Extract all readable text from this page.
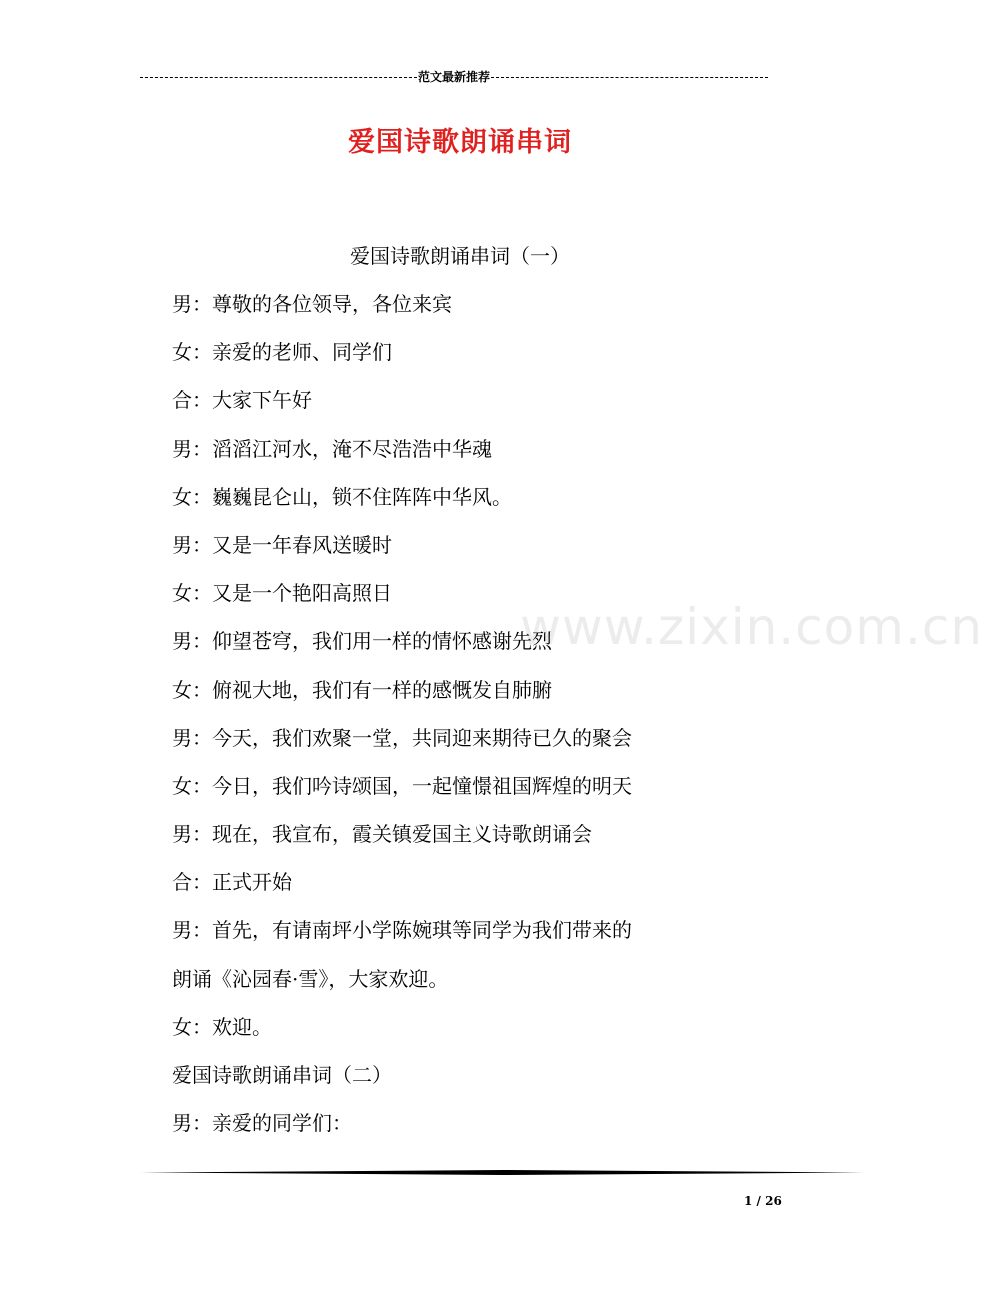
范文最新推荐
爱国诗歌朗诵串词
爱国诗歌朗诵串词（一）
男：尊敬的各位领导，各位来宾
女：亲爱的老师、同学们
合：大家下午好
男：滔滔江河水，淹不尽浩浩中华魂
女：巍巍昆仑山，锁不住阵阵中华风。
男：又是一年春风送暖时
女：又是一个艳阳高照日
男：仰望苍穹，我们用一样的情怀感谢先烈
女：俯视大地，我们有一样的感慨发自肺腑
男：今天，我们欢聚一堂，共同迎来期待已久的聚会
女：今日，我们吟诗颂国，一起憧憬祖国辉煌的明天
男：现在，我宣布，霞关镇爱国主义诗歌朗诵会
合：正式开始
男：首先，有请南坪小学陈婉琪等同学为我们带来的
朗诵《沁园春·雪》，大家欢迎。
女：欢迎。
爱国诗歌朗诵串词（二）
男：亲爱的同学们：
www.zixin.com.cn
1 / 26
